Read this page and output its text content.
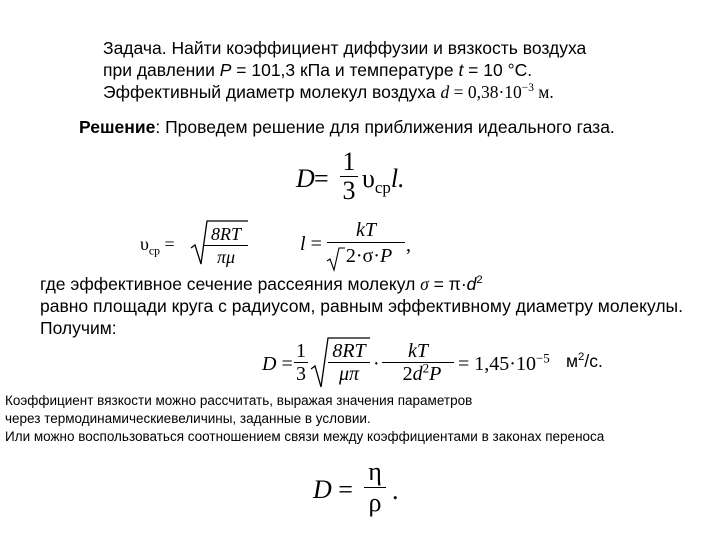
Задача. Найти коэффициент диффузии и вязкость воздуха
при давлении P = 101,3 кПа и температуре t = 10 °С.
Эффективный диаметр молекул воздуха $d = 0,38\cdot 10^{-3}$ м.
Решение: Проведем решение для приближения идеального газа.
D =
1
3 $\upsilon_{ср}l$.
$\upsilon_{ср}$ =	8RT
πμ
l =
kT
2·σ·P ,
где эффективное сечение рассеяния молекул $\sigma = \pi\cdot d^2$
равно площади круга с радиусом, равным эффективному диаметру молекулы.
Получим:
D =
1
3
8RT
μπ ·
kT
$2d^2P = 1,45\cdot 10^{-5}$ $м^2/с$.
Коэффициент вязкости можно рассчитать, выражая значения параметров
через термодинамическиевеличины, заданные в условии.
Или можно воспользоваться соотношением связи между коэффициентами в законах переноса
D =
η
ρ .
